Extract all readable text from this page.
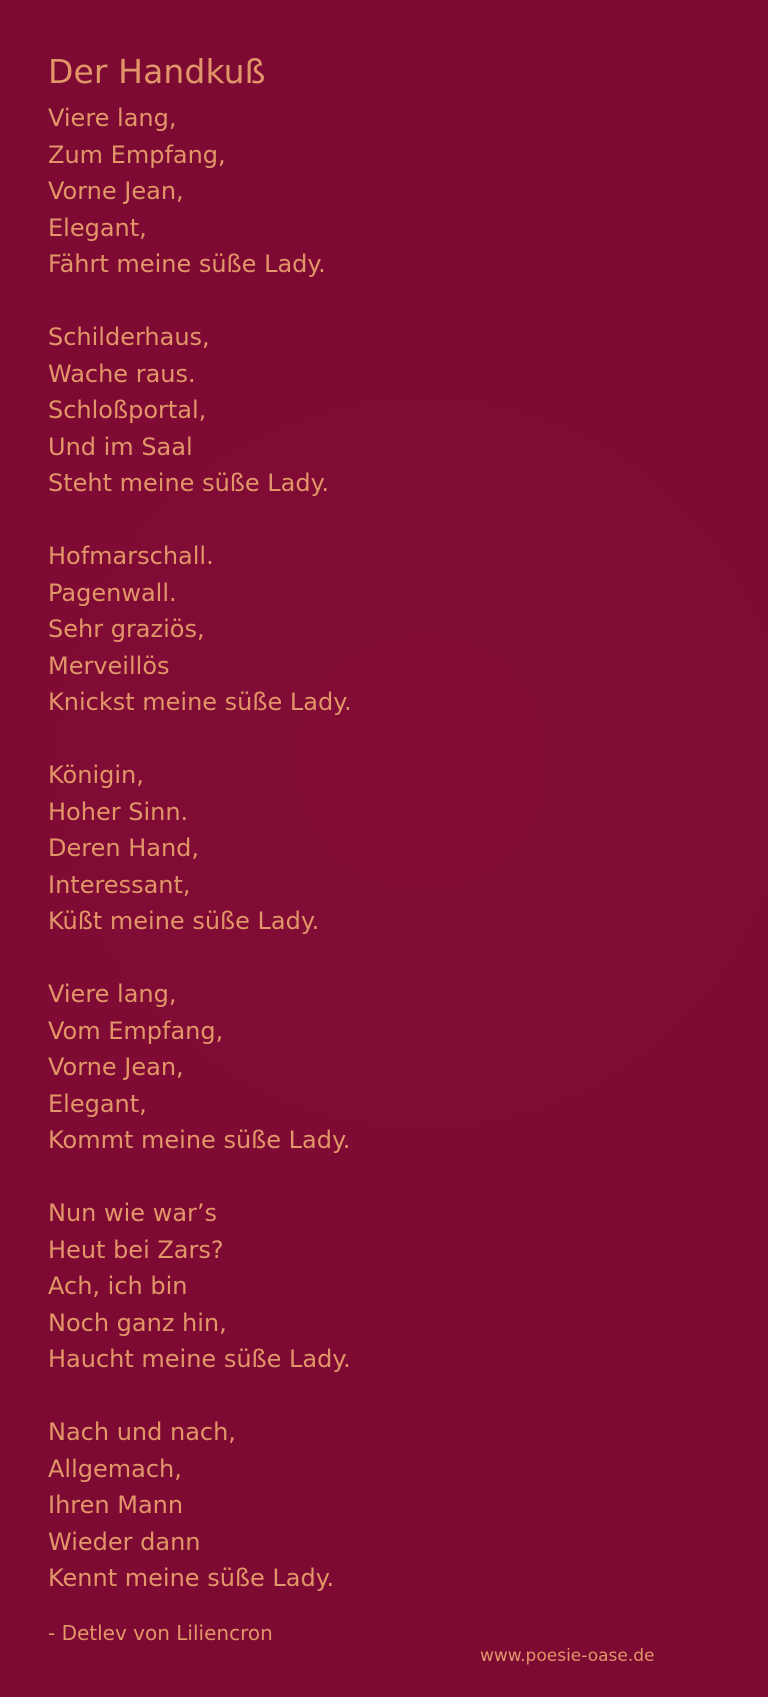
Der Handkuß
Viere lang,
Zum Empfang,
Vorne Jean,
Elegant,
Fährt meine süße Lady.
Schilderhaus,
Wache raus.
Schloßportal,
Und im Saal
Steht meine süße Lady.
Hofmarschall.
Pagenwall.
Sehr graziös,
Merveillös
Knickst meine süße Lady.
Königin,
Hoher Sinn.
Deren Hand,
Interessant,
Küßt meine süße Lady.
Viere lang,
Vom Empfang,
Vorne Jean,
Elegant,
Kommt meine süße Lady.
Nun wie war’s
Heut bei Zars?
Ach, ich bin
Noch ganz hin,
Haucht meine süße Lady.
Nach und nach,
Allgemach,
Ihren Mann
Wieder dann
Kennt meine süße Lady.
- Detlev von Liliencron
www.poesie-oase.de
